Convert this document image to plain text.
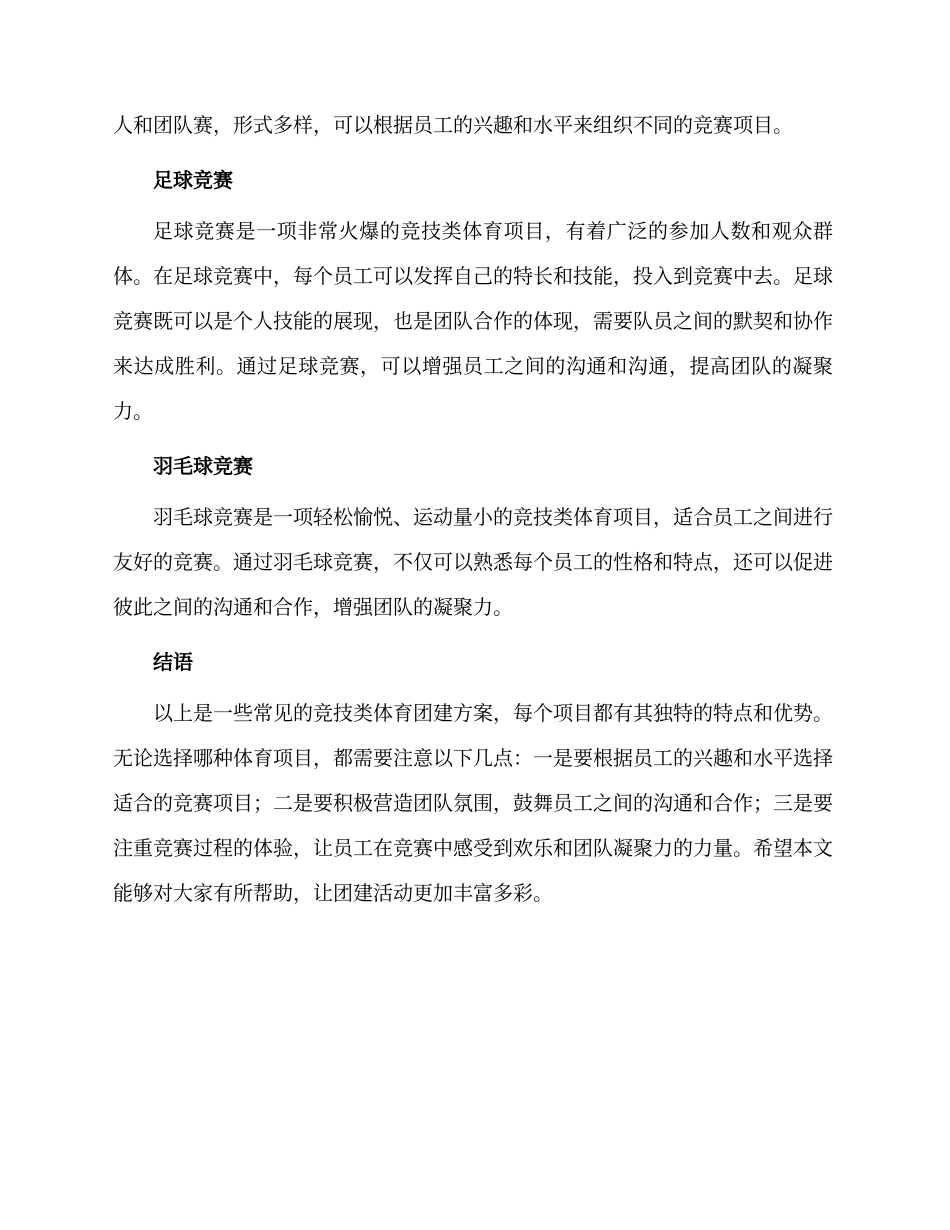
人和团队赛，形式多样，可以根据员工的兴趣和水平来组织不同的竞赛项目。

足球竞赛

足球竞赛是一项非常火爆的竞技类体育项目，有着广泛的参加人数和观众群体。在足球竞赛中，每个员工可以发挥自己的特长和技能，投入到竞赛中去。足球竞赛既可以是个人技能的展现，也是团队合作的体现，需要队员之间的默契和协作来达成胜利。通过足球竞赛，可以增强员工之间的沟通和沟通，提高团队的凝聚力。

羽毛球竞赛

羽毛球竞赛是一项轻松愉悦、运动量小的竞技类体育项目，适合员工之间进行友好的竞赛。通过羽毛球竞赛，不仅可以熟悉每个员工的性格和特点，还可以促进彼此之间的沟通和合作，增强团队的凝聚力。

结语

以上是一些常见的竞技类体育团建方案，每个项目都有其独特的特点和优势。无论选择哪种体育项目，都需要注意以下几点：一是要根据员工的兴趣和水平选择适合的竞赛项目；二是要积极营造团队氛围，鼓舞员工之间的沟通和合作；三是要注重竞赛过程的体验，让员工在竞赛中感受到欢乐和团队凝聚力的力量。希望本文能够对大家有所帮助，让团建活动更加丰富多彩。
